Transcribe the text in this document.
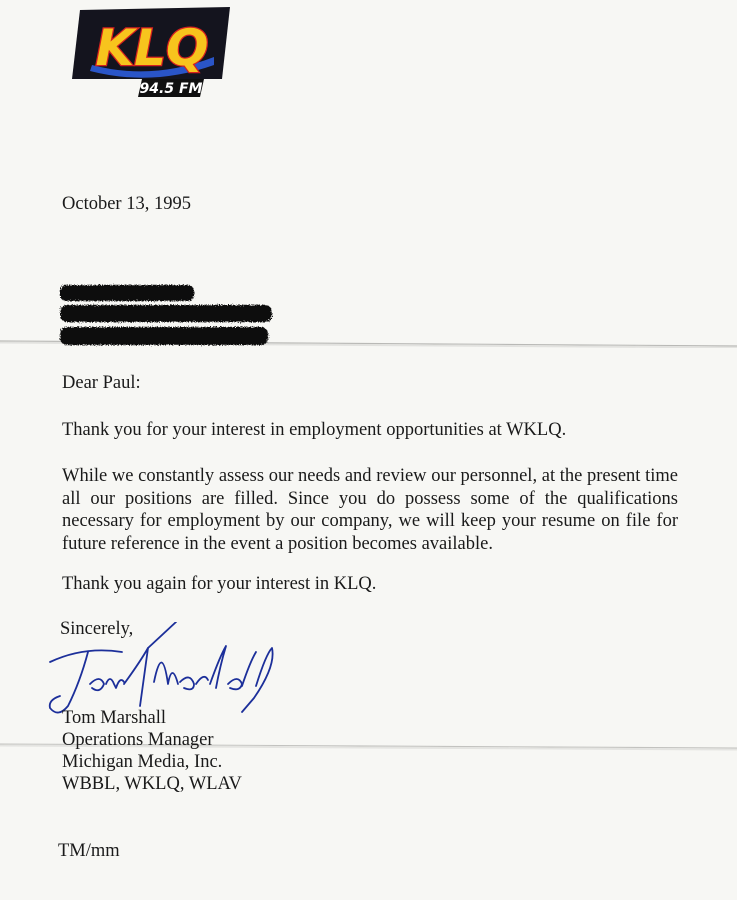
KLQ
94.5 FM

October 13, 1995

Dear Paul:

Thank you for your interest in employment opportunities at WKLQ.

While we constantly assess our needs and review our personnel, at the present time all our positions are filled. Since you do possess some of the qualifications necessary for employment by our company, we will keep your resume on file for future reference in the event a position becomes available.

Thank you again for your interest in KLQ.

Sincerely,

Tom Marshall

Operations Manager

Michigan Media, Inc.

WBBL, WKLQ, WLAV

TM/mm
